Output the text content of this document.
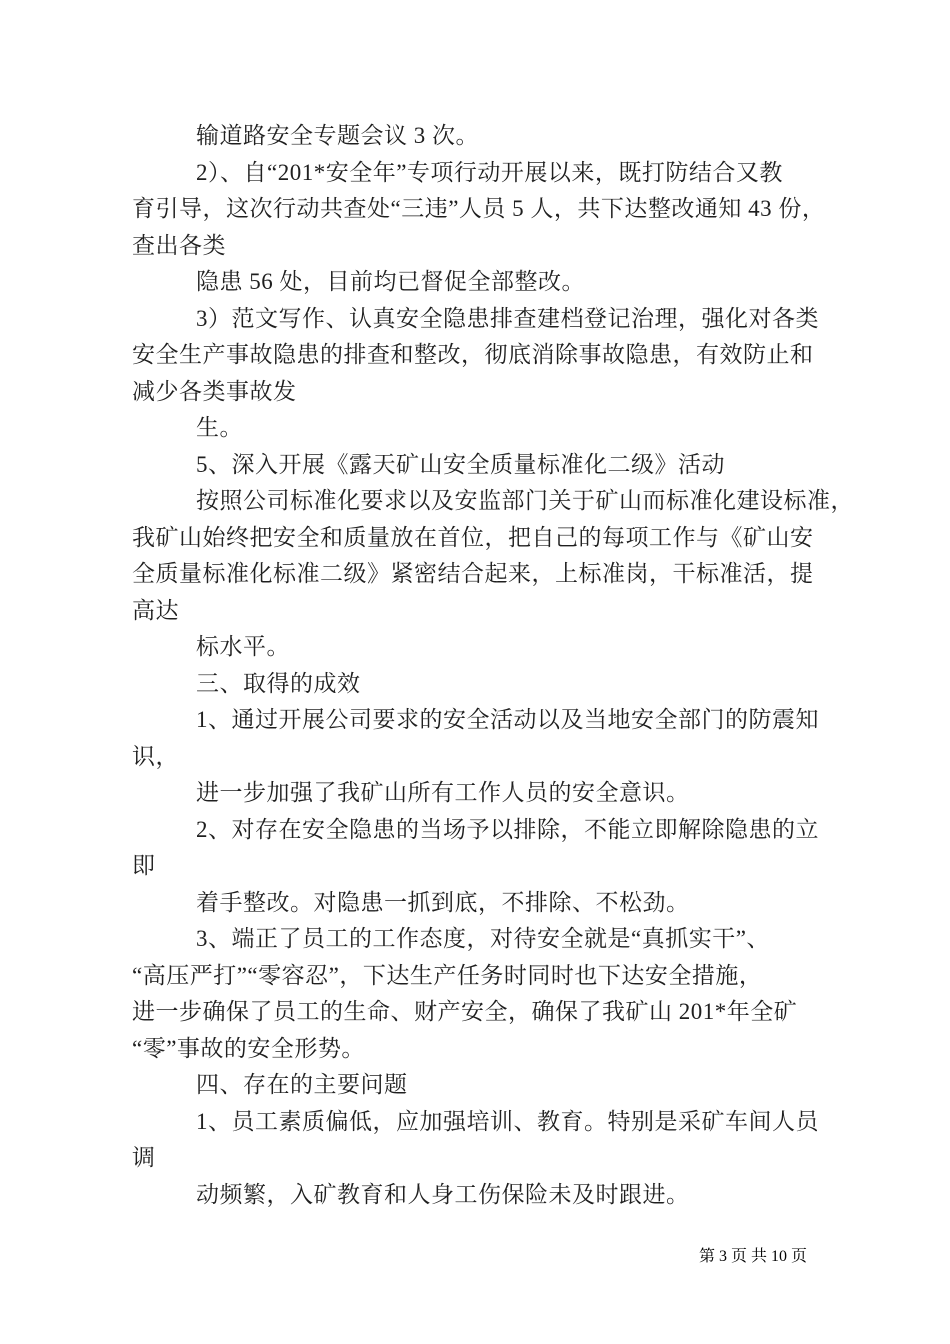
输道路安全专题会议 3 次。
2）、自“201*安全年”专项行动开展以来，既打防结合又教
育引导，这次行动共查处“三违”人员 5 人，共下达整改通知 43 份，
查出各类
隐患 56 处，目前均已督促全部整改。
3）范文写作、认真安全隐患排查建档登记治理，强化对各类
安全生产事故隐患的排查和整改，彻底消除事故隐患，有效防止和
减少各类事故发
生。
5、深入开展《露天矿山安全质量标准化二级》活动
按照公司标准化要求以及安监部门关于矿山而标准化建设标准，
我矿山始终把安全和质量放在首位，把自己的每项工作与《矿山安
全质量标准化标准二级》紧密结合起来，上标准岗，干标准活，提
高达
标水平。
三、取得的成效
1、通过开展公司要求的安全活动以及当地安全部门的防震知
识，
进一步加强了我矿山所有工作人员的安全意识。
2、对存在安全隐患的当场予以排除，不能立即解除隐患的立
即
着手整改。对隐患一抓到底，不排除、不松劲。
3、端正了员工的工作态度，对待安全就是“真抓实干”、
“高压严打”“零容忍”，下达生产任务时同时也下达安全措施，
进一步确保了员工的生命、财产安全，确保了我矿山 201*年全矿
“零”事故的安全形势。
四、存在的主要问题
1、员工素质偏低，应加强培训、教育。特别是采矿车间人员
调
动频繁，入矿教育和人身工伤保险未及时跟进。
第 3 页 共 10 页
